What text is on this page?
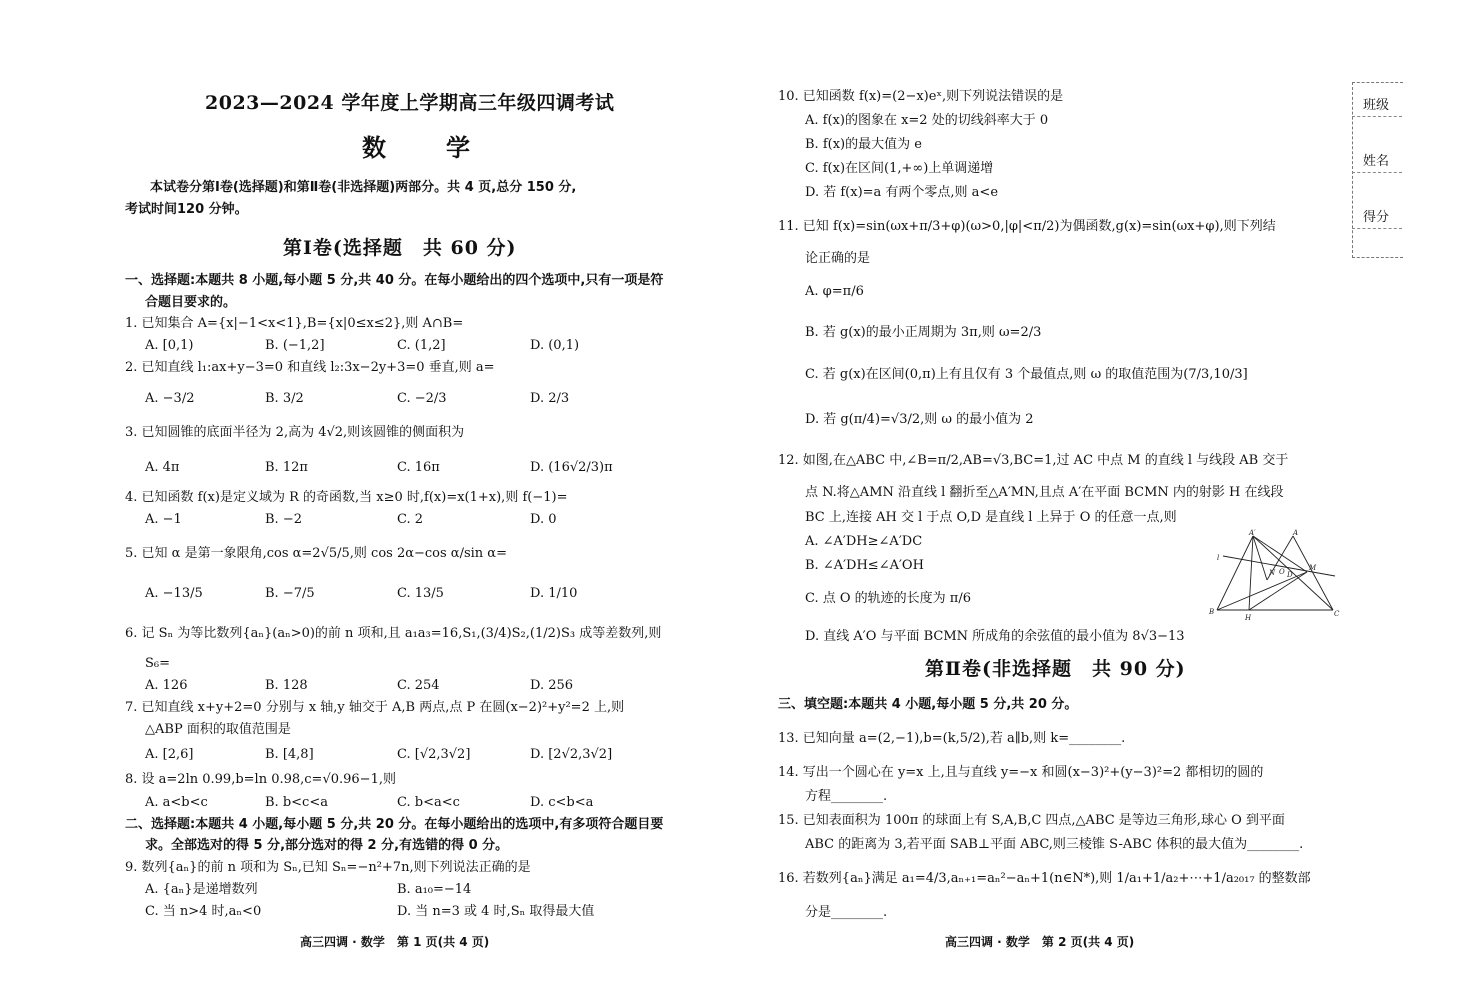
2023—2024 学年度上学期高三年级四调考试
数　学
本试卷分第Ⅰ卷(选择题)和第Ⅱ卷(非选择题)两部分。共 4 页,总分 150 分,
考试时间120 分钟。
第Ⅰ卷(选择题　共 60 分)
一、选择题:本题共 8 小题,每小题 5 分,共 40 分。在每小题给出的四个选项中,只有一项是符
合题目要求的。
1. 已知集合 A={x|−1<x<1},B={x|0≤x≤2},则 A∩B=
A. [0,1)	B. (−1,2]	C. (1,2]	D. (0,1)
2. 已知直线 l₁:ax+y−3=0 和直线 l₂:3x−2y+3=0 垂直,则 a=
A. −3/2	B. 3/2	C. −2/3	D. 2/3
3. 已知圆锥的底面半径为 2,高为 4√2,则该圆锥的侧面积为
A. 4π	B. 12π	C. 16π	D. (16√2/3)π
4. 已知函数 f(x)是定义域为 R 的奇函数,当 x≥0 时,f(x)=x(1+x),则 f(−1)=
A. −1	B. −2	C. 2	D. 0
5. 已知 α 是第一象限角,cos α=2√5/5,则 cos 2α−cos α/sin α=
A. −13/5	B. −7/5	C. 13/5	D. 1/10
6. 记 Sₙ 为等比数列{aₙ}(aₙ>0)的前 n 项和,且 a₁a₃=16,S₁,(3/4)S₂,(1/2)S₃ 成等差数列,则
S₆=
A. 126	B. 128	C. 254	D. 256
7. 已知直线 x+y+2=0 分别与 x 轴,y 轴交于 A,B 两点,点 P 在圆(x−2)²+y²=2 上,则
△ABP 面积的取值范围是
A. [2,6]	B. [4,8]	C. [√2,3√2]	D. [2√2,3√2]
8. 设 a=2ln 0.99,b=ln 0.98,c=√0.96−1,则
A. a<b<c	B. b<c<a	C. b<a<c	D. c<b<a
二、选择题:本题共 4 小题,每小题 5 分,共 20 分。在每小题给出的选项中,有多项符合题目要
求。全部选对的得 5 分,部分选对的得 2 分,有选错的得 0 分。
9. 数列{aₙ}的前 n 项和为 Sₙ,已知 Sₙ=−n²+7n,则下列说法正确的是
A. {aₙ}是递增数列	B. a₁₀=−14
C. 当 n>4 时,aₙ<0	D. 当 n=3 或 4 时,Sₙ 取得最大值
高三四调 · 数学　第 1 页(共 4 页)
10. 已知函数 f(x)=(2−x)eˣ,则下列说法错误的是
A. f(x)的图象在 x=2 处的切线斜率大于 0
B. f(x)的最大值为 e
C. f(x)在区间(1,+∞)上单调递增
D. 若 f(x)=a 有两个零点,则 a<e
11. 已知 f(x)=sin(ωx+π/3+φ)(ω>0,|φ|<π/2)为偶函数,g(x)=sin(ωx+φ),则下列结
论正确的是
A. φ=π/6
B. 若 g(x)的最小正周期为 3π,则 ω=2/3
C. 若 g(x)在区间(0,π)上有且仅有 3 个最值点,则 ω 的取值范围为(7/3,10/3]
D. 若 g(π/4)=√3/2,则 ω 的最小值为 2
12. 如图,在△ABC 中,∠B=π/2,AB=√3,BC=1,过 AC 中点 M 的直线 l 与线段 AB 交于
点 N.将△AMN 沿直线 l 翻折至△A′MN,且点 A′在平面 BCMN 内的射影 H 在线段
BC 上,连接 AH 交 l 于点 O,D 是直线 l 上异于 O 的任意一点,则
A. ∠A′DH≥∠A′DC
B. ∠A′DH≤∠A′OH
C. 点 O 的轨迹的长度为 π/6
D. 直线 A′O 与平面 BCMN 所成角的余弦值的最小值为 8√3−13
A′	A
N
M
O D
l
B
H	C
第Ⅱ卷(非选择题　共 90 分)
三、填空题:本题共 4 小题,每小题 5 分,共 20 分。
13. 已知向量 a=(2,−1),b=(k,5/2),若 a∥b,则 k=________.
14. 写出一个圆心在 y=x 上,且与直线 y=−x 和圆(x−3)²+(y−3)²=2 都相切的圆的
方程________.
15. 已知表面积为 100π 的球面上有 S,A,B,C 四点,△ABC 是等边三角形,球心 O 到平面
ABC 的距离为 3,若平面 SAB⊥平面 ABC,则三棱锥 S-ABC 体积的最大值为________.
16. 若数列{aₙ}满足 a₁=4/3,aₙ₊₁=aₙ²−aₙ+1(n∈N*),则 1/a₁+1/a₂+⋯+1/a₂₀₁₇ 的整数部
分是________.
高三四调 · 数学　第 2 页(共 4 页)
班级
姓名
得分
